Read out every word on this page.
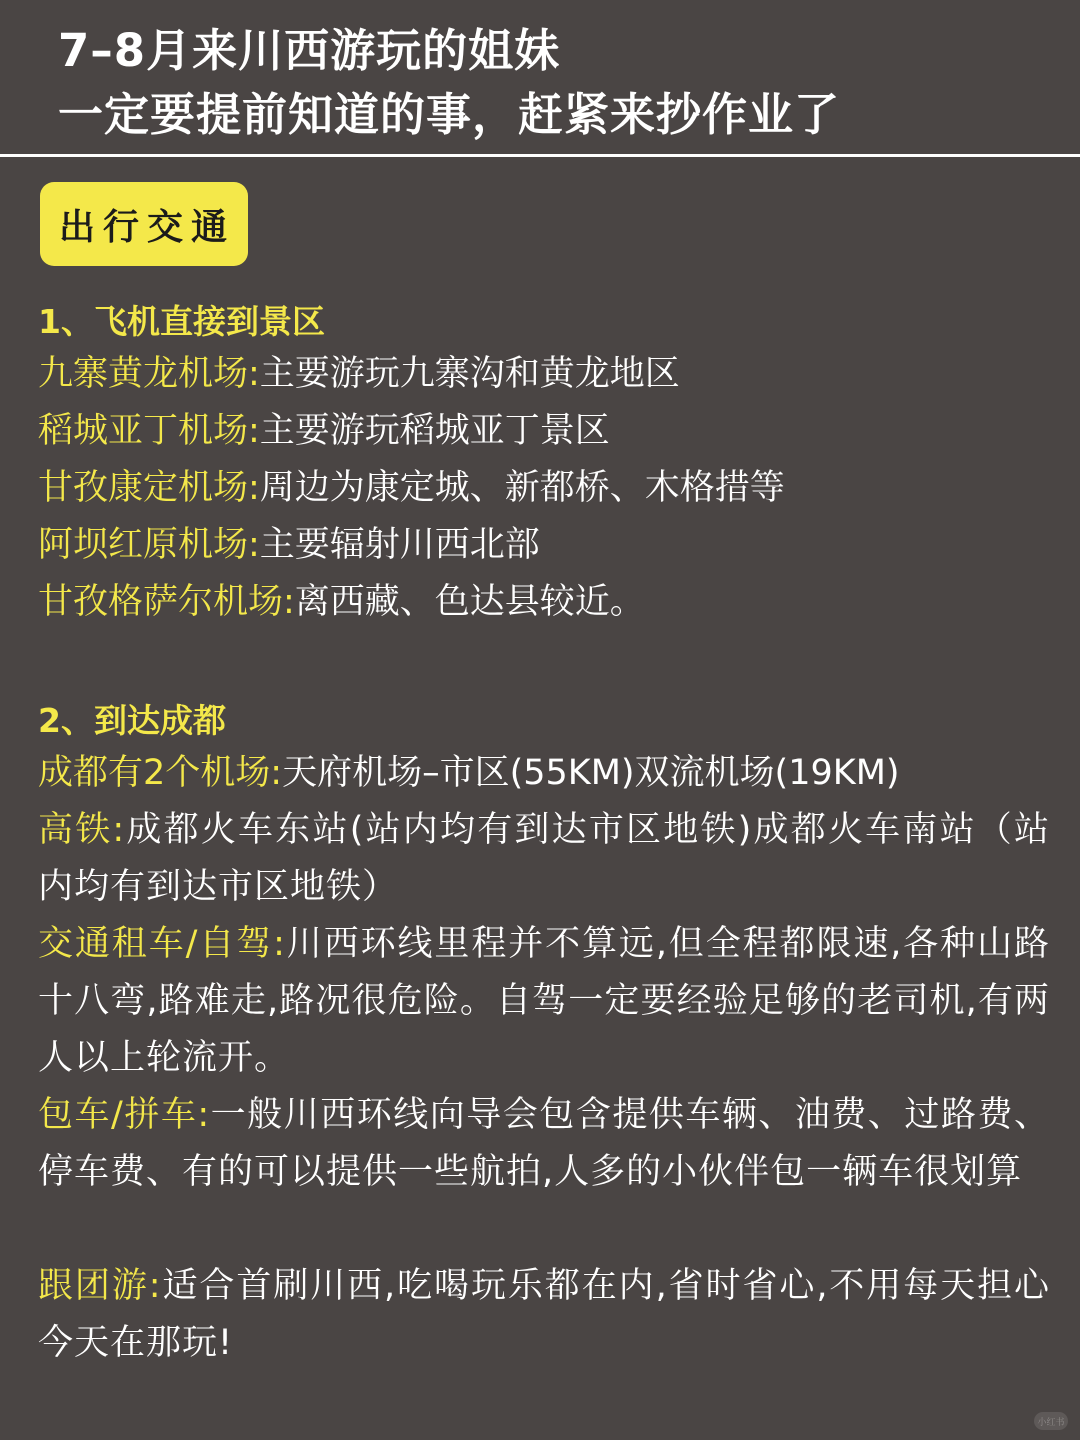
7–8月来川西游玩的姐妹
一定要提前知道的事，赶紧来抄作业了
出行交通
1、飞机直接到景区
九寨黄龙机场:主要游玩九寨沟和黄龙地区
稻城亚丁机场:主要游玩稻城亚丁景区
甘孜康定机场:周边为康定城、新都桥、木格措等
阿坝红原机场:主要辐射川西北部
甘孜格萨尔机场:离西藏、色达县较近。
2、到达成都
成都有2个机场:天府机场–市区(55KM)双流机场(19KM)
高铁:成都火车东站(站内均有到达市区地铁)成都火车南站（站内均有到达市区地铁）
交通租车/自驾:川西环线里程并不算远,但全程都限速,各种山路十八弯,路难走,路况很危险。自驾一定要经验足够的老司机,有两人以上轮流开。
包车/拼车:一般川西环线向导会包含提供车辆、油费、过路费、停车费、有的可以提供一些航拍,人多的小伙伴包一辆车很划算
跟团游:适合首刷川西,吃喝玩乐都在内,省时省心,不用每天担心今天在那玩!
小红书
